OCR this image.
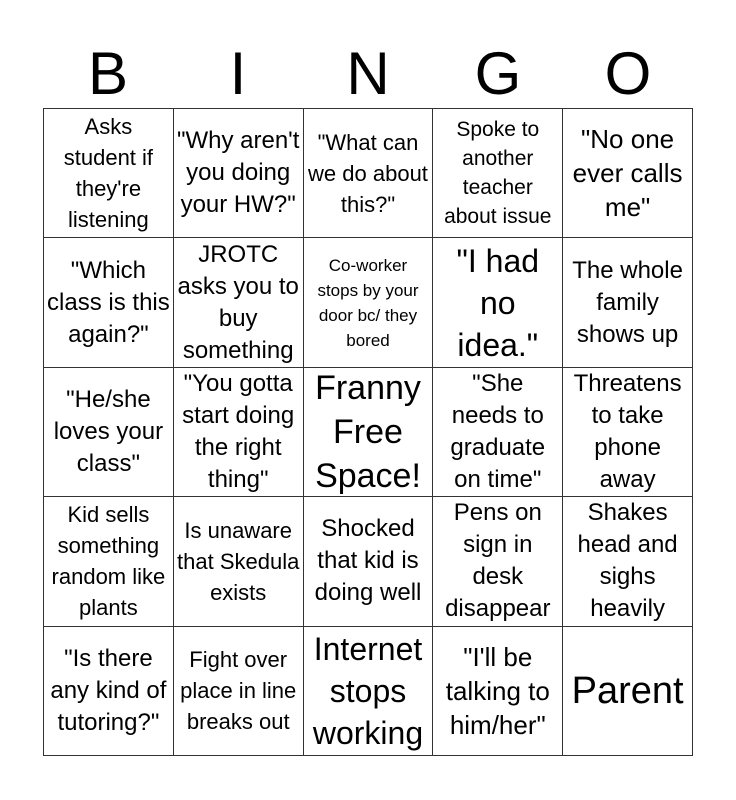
B	I	N	G	O
Asks student if they're listening
"Why aren't you doing your HW?"
"What can we do about this?"
Spoke to another teacher about issue
"No one ever calls me"
"Which class is this again?"
JROTC asks you to buy something
Co-worker stops by your door bc/ they bored
"I had no idea."
The whole family shows up
"He/she loves your class"
"You gotta start doing the right thing"
Franny Free Space!
"She needs to graduate on time"
Threatens to take phone away
Kid sells something random like plants
Is unaware that Skedula exists
Shocked that kid is doing well
Pens on sign in desk disappear
Shakes head and sighs heavily
"Is there any kind of tutoring?"
Fight over place in line breaks out
Internet stops working
"I'll be talking to him/her"
Parent
